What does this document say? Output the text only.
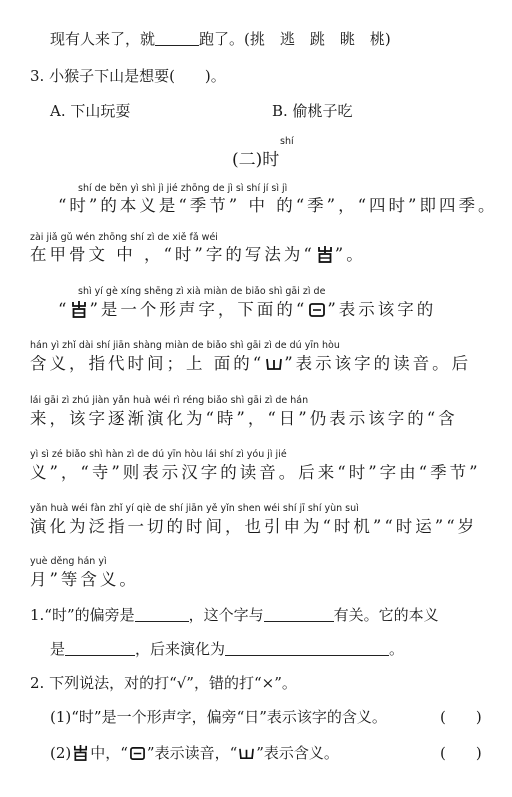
现有人来了，就	跑了。(挑　逃　跳　眺　桃)
3. 小猴子下山是想要(　　)。
A. 下山玩耍	B. 偷桃子吃
shí
(二)时
shí de běn yì shì jì jié zhōng de jì sì shí jí sì jì
“时”的本义是“季节” 中 的“季”，“四时”即四季。
zài jiǎ gǔ wén zhōng shí zì de xiě fǎ wéi
在甲骨文 中 ，“时”字的写法为“ ”。
shì yí gè xíng shēng zì xià miàn de biǎo shì gāi zì de
“ ”是一个形声字，下面的“ ”表示该字的
hán yì zhǐ dài shí jiān shàng miàn de biǎo shì gāi zì de dú yīn hòu
含义，指代时间；上 面的“ ”表示该字的读音。后
lái gāi zì zhú jiàn yǎn huà wéi rì réng biǎo shì gāi zì de hán
来，该字逐渐演化为“時”，“日”仍表示该字的“含
yì sì zé biǎo shì hàn zì de dú yīn hòu lái shí zì yóu jì jié
义”，“寺”则表示汉字的读音。后来“时”字由“季节”
yǎn huà wéi fàn zhǐ yí qiè de shí jiān yě yǐn shen wéi shí jī shí yùn suì
演化为泛指一切的时间，也引申为“时机”“时运”“岁
yuè děng hán yì
月”等含义。
1.“时”的偏旁是	，这个字与	有关。它的本义
是	，后来演化为	。
2. 下列说法，对的打“√”，错的打“×”。
(1)“时”是一个形声字，偏旁“日”表示该字的含义。	(　　)
(2) 中，“ ”表示读音，“ ”表示含义。	(　　)
